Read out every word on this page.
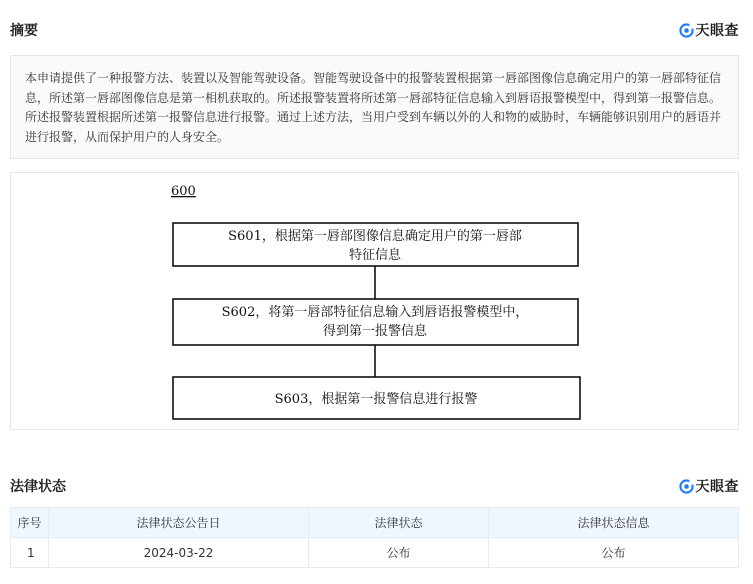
摘要	天眼查
本申请提供了一种报警方法、装置以及智能驾驶设备。智能驾驶设备中的报警装置根据第一唇部图像信息确定用户的第一唇部特征信息，所述第一唇部图像信息是第一相机获取的。所述报警装置将所述第一唇部特征信息输入到唇语报警模型中，得到第一报警信息。所述报警装置根据所述第一报警信息进行报警。通过上述方法，当用户受到车辆以外的人和物的威胁时，车辆能够识别用户的唇语并进行报警，从而保护用户的人身安全。
600
S601，根据第一唇部图像信息确定用户的第一唇部
特征信息
S602，将第一唇部特征信息输入到唇语报警模型中，
得到第一报警信息
S603，根据第一报警信息进行报警
法律状态	天眼查
序号	法律状态公告日	法律状态	法律状态信息
1	2024-03-22	公布	公布
